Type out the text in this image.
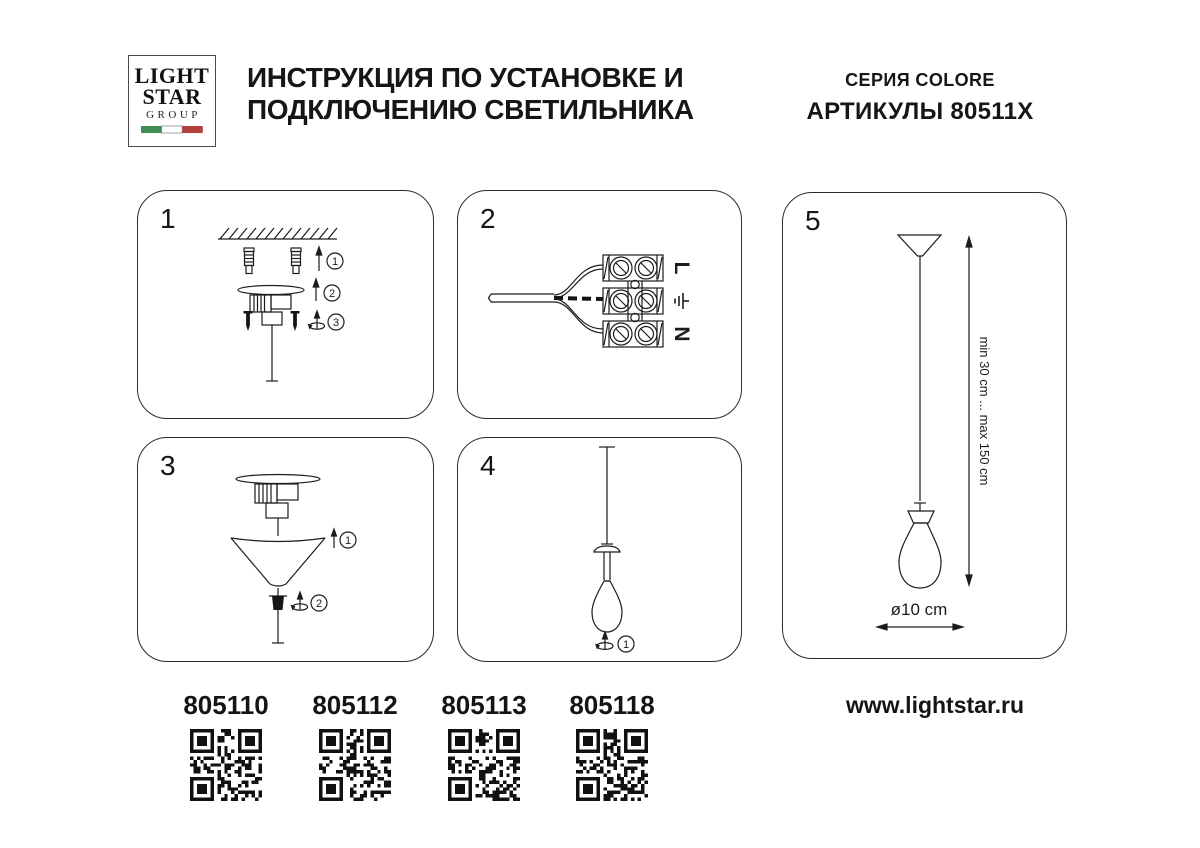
LIGHT
STAR
GROUP
ИНСТРУКЦИЯ ПО УСТАНОВКЕ И
ПОДКЛЮЧЕНИЮ СВЕТИЛЬНИКА
СЕРИЯ COLORE
АРТИКУЛЫ 80511X
1
1
2
3
2
L
N
3
1
2
4
1
5
min 30 cm ... max 150 cm
ø10 cm
805110	805112	805113	805118	www.lightstar.ru
